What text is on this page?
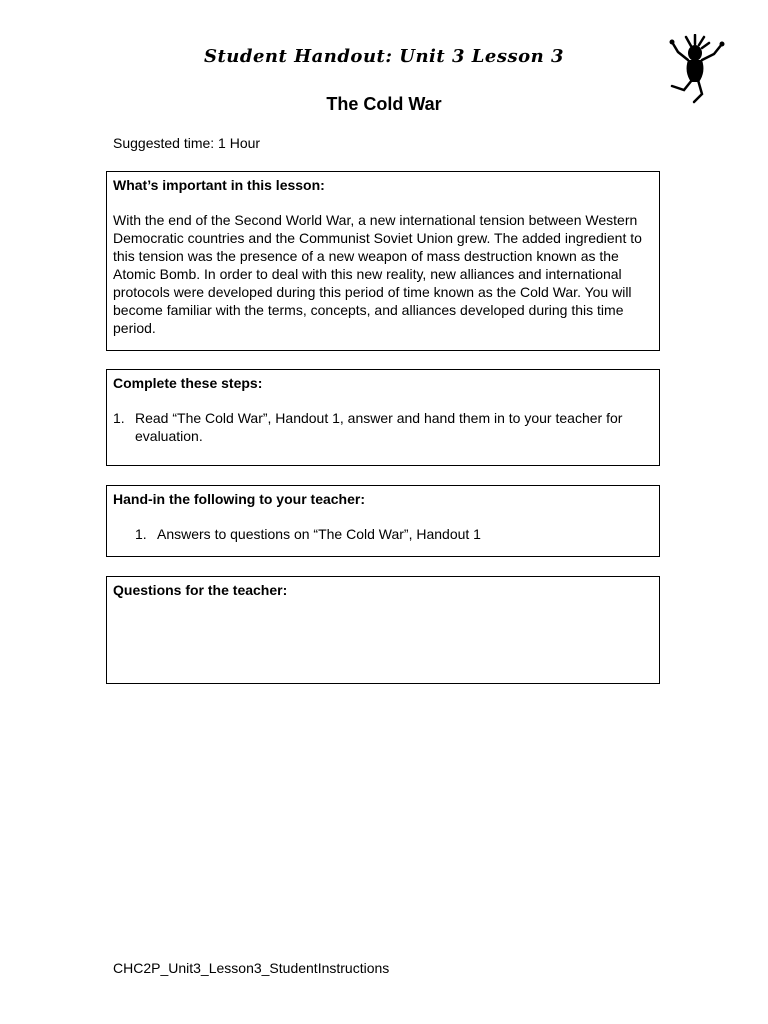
Student Handout: Unit 3 Lesson 3
The Cold War
Suggested time: 1 Hour
What’s important in this lesson:
With the end of the Second World War, a new international tension between Western Democratic countries and the Communist Soviet Union grew. The added ingredient to this tension was the presence of a new weapon of mass destruction known as the Atomic Bomb. In order to deal with this new reality, new alliances and international protocols were developed during this period of time known as the Cold War. You will become familiar with the terms, concepts, and alliances developed during this time period.
Complete these steps:
1. Read “The Cold War”, Handout 1, answer and hand them in to your teacher for evaluation.
Hand-in the following to your teacher:
1. Answers to questions on “The Cold War”, Handout 1
Questions for the teacher:
CHC2P_Unit3_Lesson3_StudentInstructions
